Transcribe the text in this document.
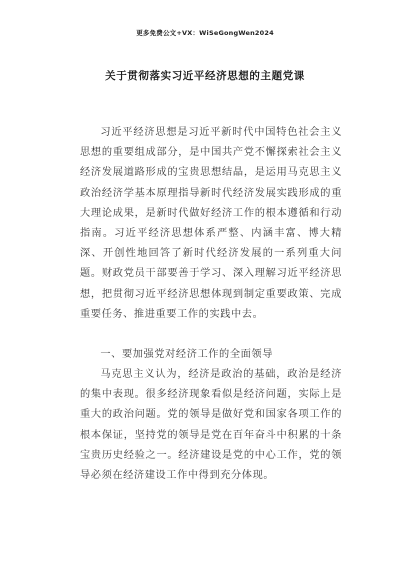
更多免费公文+VX：WiSeGongWen2024
关于贯彻落实习近平经济思想的主题党课

习近平经济思想是习近平新时代中国特色社会主义思想的重要组成部分，是中国共产党不懈探索社会主义经济发展道路形成的宝贵思想结晶，是运用马克思主义政治经济学基本原理指导新时代经济发展实践形成的重大理论成果，是新时代做好经济工作的根本遵循和行动指南。习近平经济思想体系严整、内涵丰富、博大精深、开创性地回答了新时代经济发展的一系列重大问题。财政党员干部要善于学习、深入理解习近平经济思想，把贯彻习近平经济思想体现到制定重要政策、完成重要任务、推进重要工作的实践中去。

一、要加强党对经济工作的全面领导

马克思主义认为，经济是政治的基础，政治是经济的集中表现。很多经济现象看似是经济问题，实际上是重大的政治问题。党的领导是做好党和国家各项工作的根本保证，坚持党的领导是党在百年奋斗中积累的十条宝贵历史经验之一。经济建设是党的中心工作，党的领导必须在经济建设工作中得到充分体现。
